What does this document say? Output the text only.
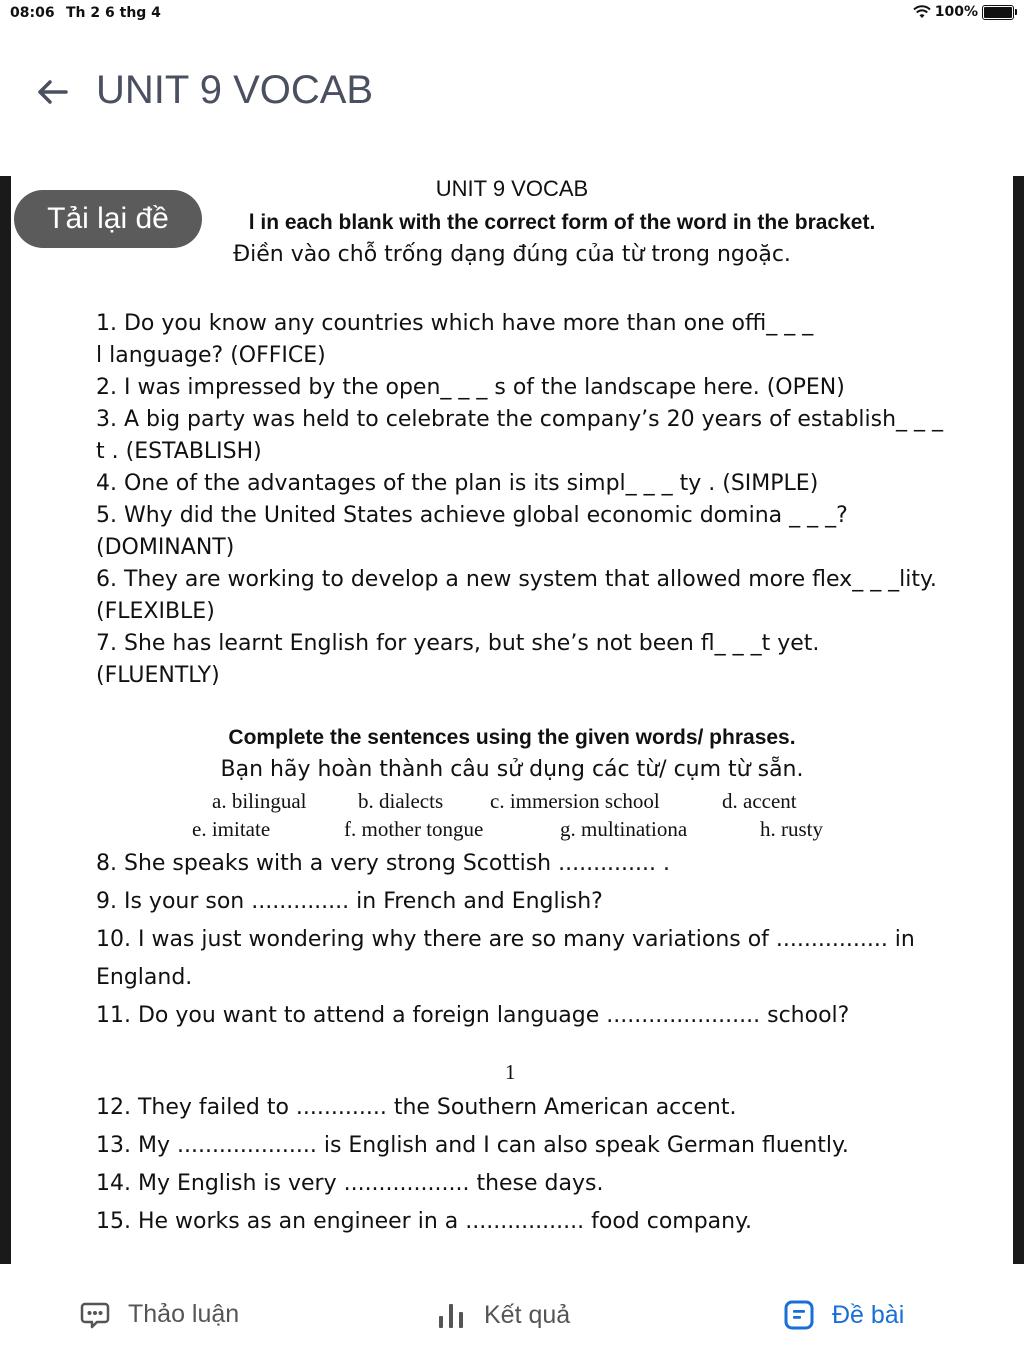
08:06 Th 2 6 thg 4	100%
UNIT 9 VOCAB
Tải lại đề
UNIT 9 VOCAB
l in each blank with the correct form of the word in the bracket.
Điền vào chỗ trống dạng đúng của từ trong ngoặc.
1. Do you know any countries which have more than one offi_ _ _
l language? (OFFICE)
2. I was impressed by the open_ _ _ s of the landscape here. (OPEN)
3. A big party was held to celebrate the company’s 20 years of establish_ _ _
t . (ESTABLISH)
4. One of the advantages of the plan is its simpl_ _ _ ty . (SIMPLE)
5. Why did the United States achieve global economic domina _ _ _?
(DOMINANT)
6. They are working to develop a new system that allowed more flex_ _ _lity.
(FLEXIBLE)
7. She has learnt English for years, but she’s not been fl_ _ _t yet.
(FLUENTLY)
Complete the sentences using the given words/ phrases.
Bạn hãy hoàn thành câu sử dụng các từ/ cụm từ sẵn.
a. bilingual b. dialects c. immersion school	d. accent
e. imitate	f. mother tongue	g. multinationa	h. rusty
8. She speaks with a very strong Scottish .............. .
9. Is your son .............. in French and English?
10. I was just wondering why there are so many variations of ................ in
England.
11. Do you want to attend a foreign language ...................... school?
1
12. They failed to ............. the Southern American accent.
13. My .................... is English and I can also speak German fluently.
14. My English is very .................. these days.
15. He works as an engineer in a ................. food company.
Thảo luận	Kết quả	Đề bài
